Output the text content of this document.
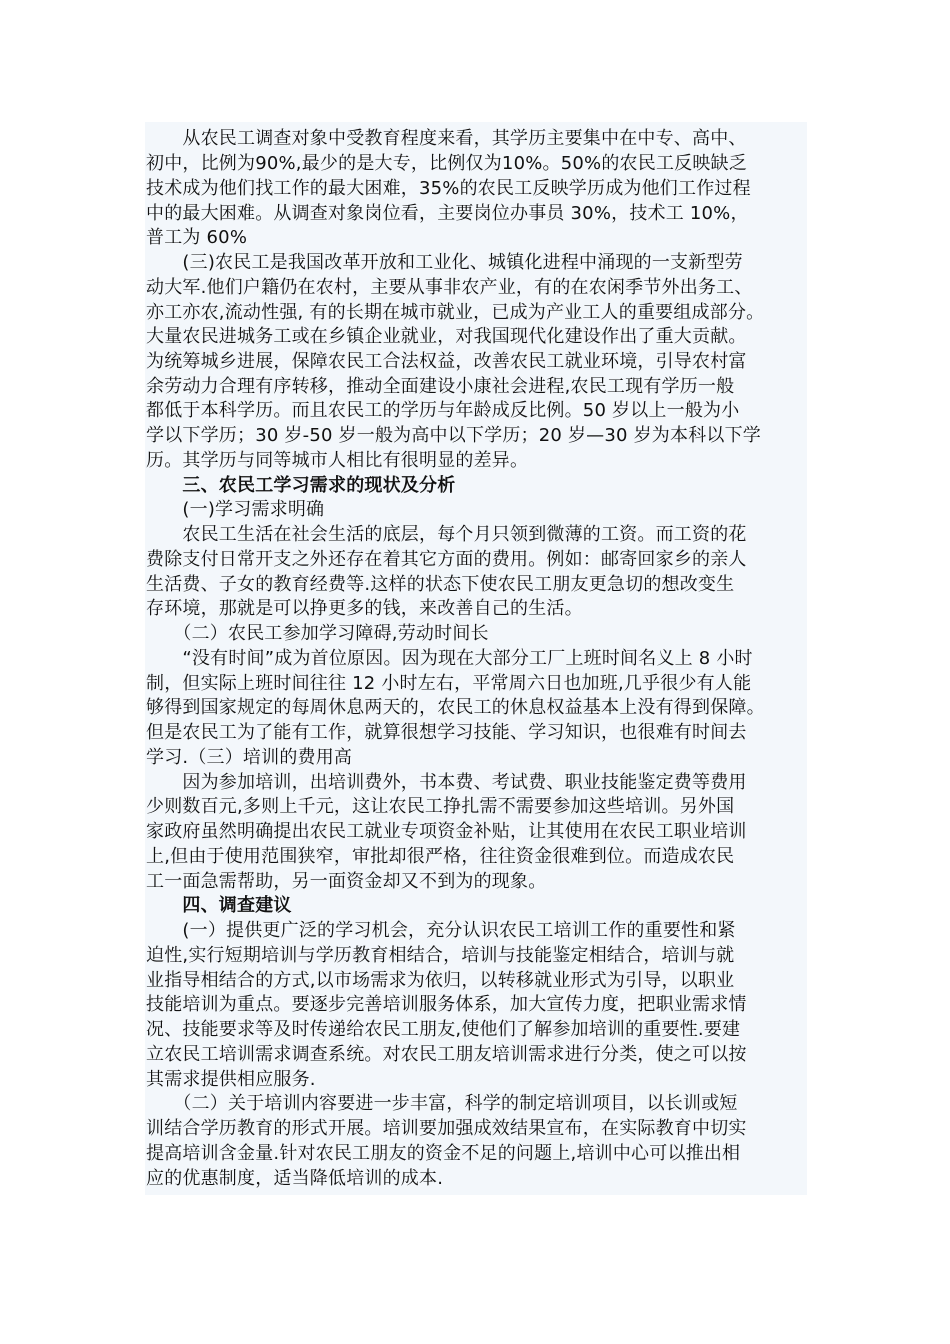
　　从农民工调查对象中受教育程度来看，其学历主要集中在中专、高中、
初中，比例为90%,最少的是大专，比例仅为10%。50%的农民工反映缺乏
技术成为他们找工作的最大困难，35%的农民工反映学历成为他们工作过程
中的最大困难。从调查对象岗位看，主要岗位办事员 30%，技术工 10%，
普工为 60%
　　(三)农民工是我国改革开放和工业化、城镇化进程中涌现的一支新型劳
动大军.他们户籍仍在农村，主要从事非农产业，有的在农闲季节外出务工、
亦工亦农,流动性强, 有的长期在城市就业，已成为产业工人的重要组成部分。
大量农民进城务工或在乡镇企业就业，对我国现代化建设作出了重大贡献。
为统筹城乡进展，保障农民工合法权益，改善农民工就业环境，引导农村富
余劳动力合理有序转移，推动全面建设小康社会进程,农民工现有学历一般
都低于本科学历。而且农民工的学历与年龄成反比例。50 岁以上一般为小
学以下学历；30 岁-50 岁一般为高中以下学历；20 岁—30 岁为本科以下学
历。其学历与同等城市人相比有很明显的差异。
　　三、农民工学习需求的现状及分析
　　(一)学习需求明确
　　农民工生活在社会生活的底层，每个月只领到微薄的工资。而工资的花
费除支付日常开支之外还存在着其它方面的费用。例如：邮寄回家乡的亲人
生活费、子女的教育经费等.这样的状态下使农民工朋友更急切的想改变生
存环境，那就是可以挣更多的钱，来改善自己的生活。
　　（二）农民工参加学习障碍,劳动时间长
　　“没有时间”成为首位原因。因为现在大部分工厂上班时间名义上 8 小时
制，但实际上班时间往往 12 小时左右，平常周六日也加班,几乎很少有人能
够得到国家规定的每周休息两天的，农民工的休息权益基本上没有得到保障。
但是农民工为了能有工作，就算很想学习技能、学习知识，也很难有时间去
学习.（三）培训的费用高
　　因为参加培训，出培训费外，书本费、考试费、职业技能鉴定费等费用
少则数百元,多则上千元，这让农民工挣扎需不需要参加这些培训。另外国
家政府虽然明确提出农民工就业专项资金补贴，让其使用在农民工职业培训
上,但由于使用范围狭窄，审批却很严格，往往资金很难到位。而造成农民
工一面急需帮助，另一面资金却又不到为的现象。
　　四、调查建议
　　(一）提供更广泛的学习机会，充分认识农民工培训工作的重要性和紧
迫性,实行短期培训与学历教育相结合，培训与技能鉴定相结合，培训与就
业指导相结合的方式,以市场需求为依归，以转移就业形式为引导，以职业
技能培训为重点。要逐步完善培训服务体系，加大宣传力度，把职业需求情
况、技能要求等及时传递给农民工朋友,使他们了解参加培训的重要性.要建
立农民工培训需求调查系统。对农民工朋友培训需求进行分类，使之可以按
其需求提供相应服务.
　　（二）关于培训内容要进一步丰富，科学的制定培训项目，以长训或短
训结合学历教育的形式开展。培训要加强成效结果宣布，在实际教育中切实
提高培训含金量.针对农民工朋友的资金不足的问题上,培训中心可以推出相
应的优惠制度，适当降低培训的成本.
